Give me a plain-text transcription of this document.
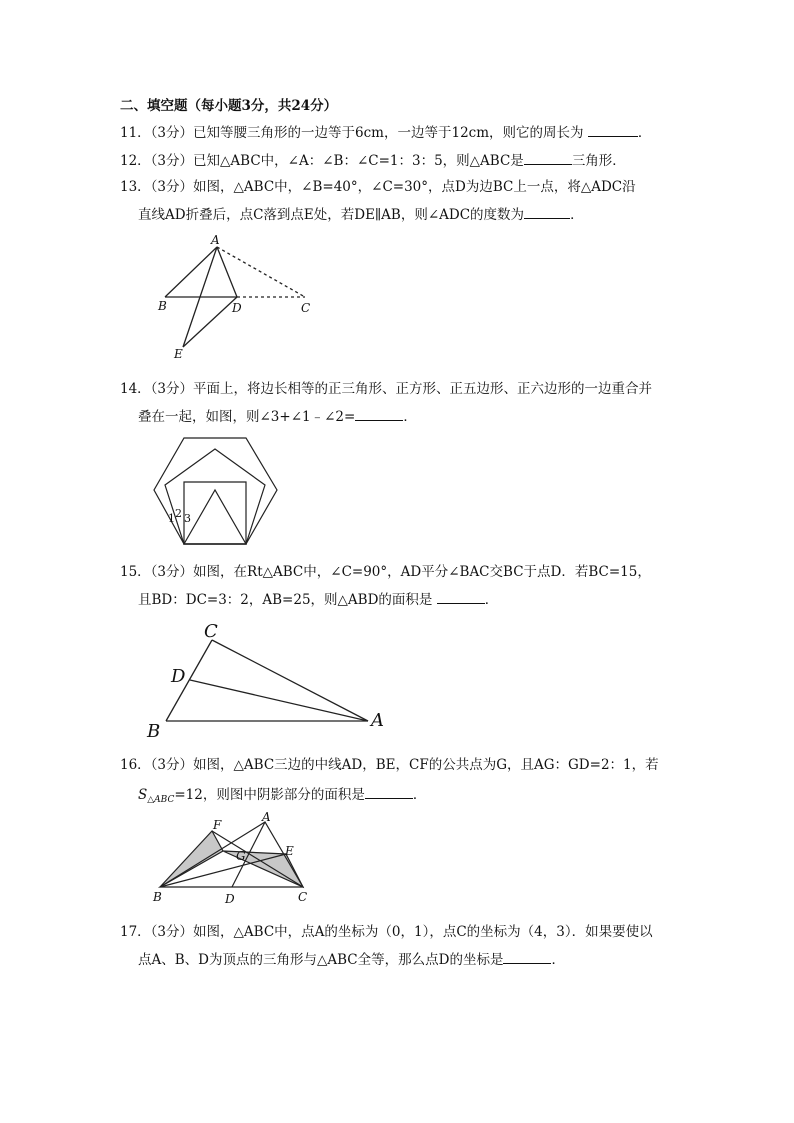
二、填空题（每小题3分，共24分）
11．（3分）已知等腰三角形的一边等于6cm，一边等于12cm，则它的周长为	．
12．（3分）已知△ABC中，∠A：∠B：∠C=1：3：5，则△ABC是	三角形．
13．（3分）如图，△ABC中，∠B=40°，∠C=30°，点D为边BC上一点，将△ADC沿
直线AD折叠后，点C落到点E处，若DE∥AB，则∠ADC的度数为	．
A
B	D	C
E
14．（3分）平面上，将边长相等的正三角形、正方形、正五边形、正六边形的一边重合并
叠在一起，如图，则∠3+∠1﹣∠2=	．
1 2 3
15．（3分）如图，在Rt△ABC中，∠C=90°，AD平分∠BAC交BC于点D．若BC=15，
且BD：DC=3：2，AB=25，则△ABD的面积是	．
C
D
B
A
16．（3分）如图，△ABC三边的中线AD，BE，CF的公共点为G，且AG：GD=2：1，若
$S_{\triangle ABC}=12$，则图中阴影部分的面积是	．
A
F
G	E
B	D	C
17．（3分）如图，△ABC中，点A的坐标为（0，1），点C的坐标为（4，3）．如果要使以
点A、B、D为顶点的三角形与△ABC全等，那么点D的坐标是	．
